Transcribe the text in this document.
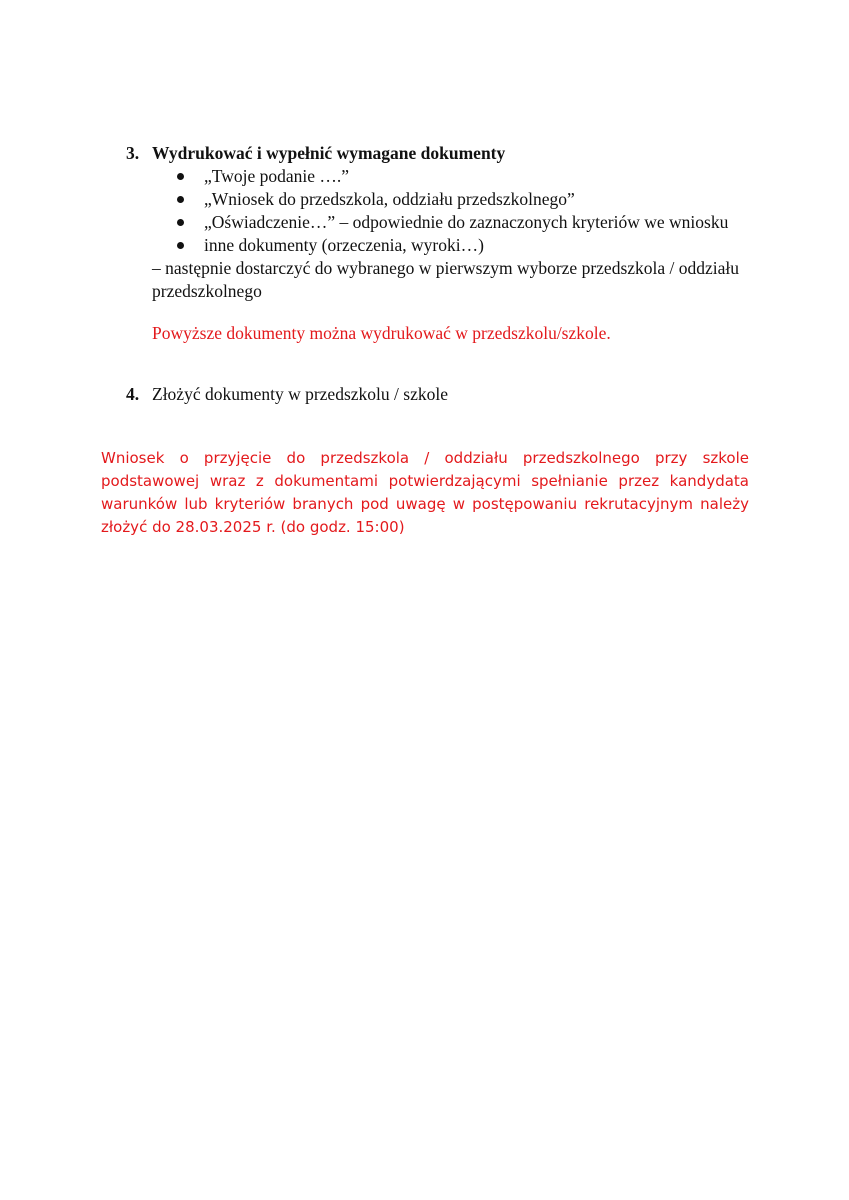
3. Wydrukować i wypełnić wymagane dokumenty
„Twoje podanie ….”
„Wniosek do przedszkola, oddziału przedszkolnego”
„Oświadczenie…” – odpowiednie do zaznaczonych kryteriów we wniosku
inne dokumenty (orzeczenia, wyroki…)
– następnie dostarczyć do wybranego w pierwszym wyborze przedszkola / oddziału
przedszkolnego
Powyższe dokumenty można wydrukować w przedszkolu/szkole.
4. Złożyć dokumenty w przedszkolu / szkole
Wniosek o przyjęcie do przedszkola / oddziału przedszkolnego przy szkole podstawowej wraz z dokumentami potwierdzającymi spełnianie przez kandydata warunków lub kryteriów branych pod uwagę w postępowaniu rekrutacyjnym należy złożyć do 28.03.2025 r. (do godz. 15:00)
